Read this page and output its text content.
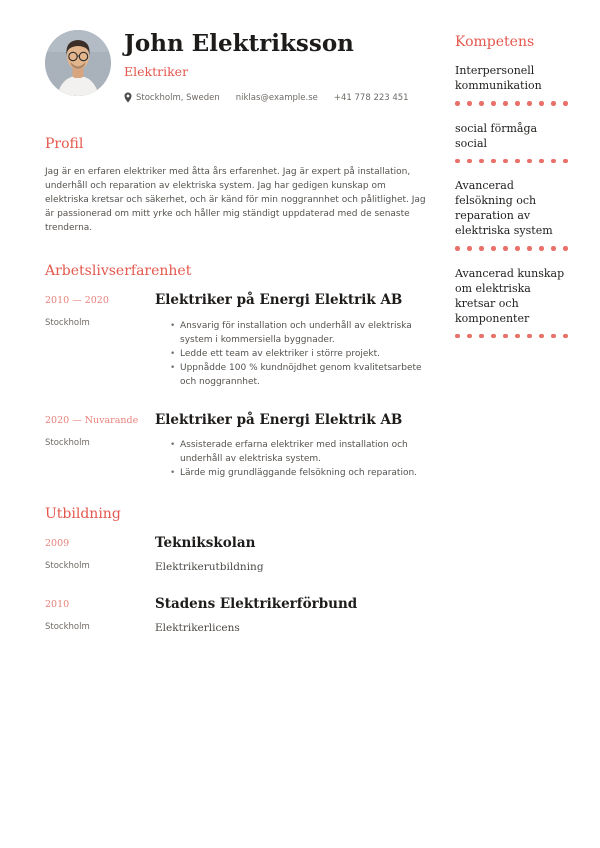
John Elektriksson
Elektriker
Stockholm, Sweden niklas@example.se +41 778 223 451
Profil

Jag är en erfaren elektriker med åtta års erfarenhet. Jag är expert på installation, underhåll och reparation av elektriska system. Jag har gedigen kunskap om elektriska kretsar och säkerhet, och är känd för min noggrannhet och pålitlighet. Jag är passionerad om mitt yrke och håller mig ständigt uppdaterad med de senaste trenderna.

Arbetslivserfarenhet
2010 — 2020
Stockholm
Elektriker på Energi Elektrik AB
• Ansvarig för installation och underhåll av elektriska system i kommersiella byggnader.
• Ledde ett team av elektriker i större projekt.
• Uppnådde 100 % kundnöjdhet genom kvalitetsarbete och noggrannhet.
2020 — Nuvarande
Stockholm
Elektriker på Energi Elektrik AB
• Assisterade erfarna elektriker med installation och underhåll av elektriska system.
• Lärde mig grundläggande felsökning och reparation.
Utbildning
2009
Stockholm
Teknikskolan
Elektrikerutbildning
2010
Stockholm
Stadens Elektrikerförbund
Elektrikerlicens
Kompetens
Interpersonell kommunikation
social förmåga social
Avancerad felsökning och reparation av elektriska system
Avancerad kunskap om elektriska kretsar och komponenter
